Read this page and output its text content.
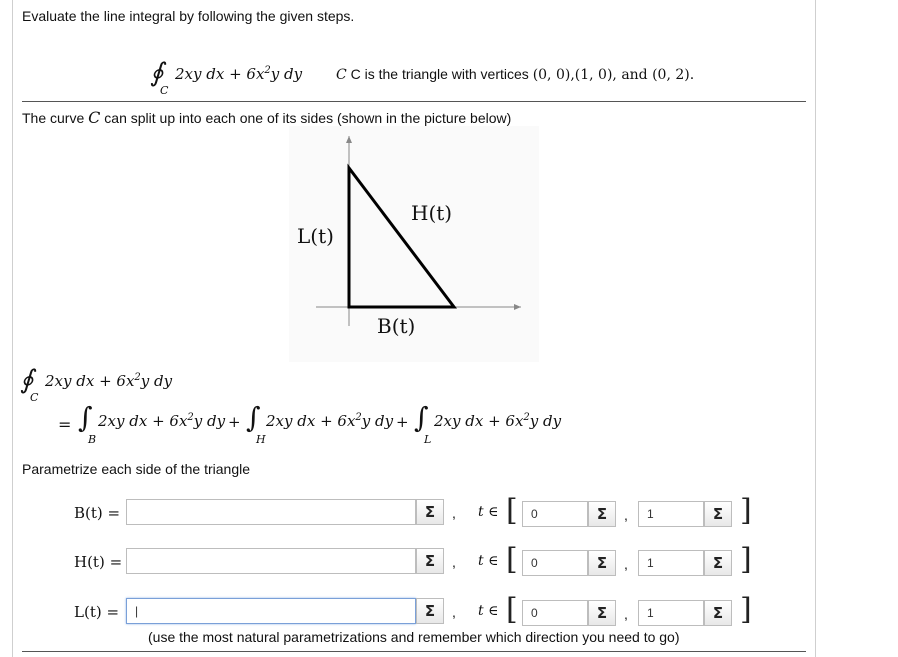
Evaluate the line integral by following the given steps.
∮
C
2xy dx + $6x^2y$ dy C C is the triangle with vertices (0, 0),(1, 0), and (0, 2).
The curve C can split up into each one of its sides (shown in the picture below)
H(t)
L(t)
B(t)
∮
C
2xy dx + $6x^2y$ dy
= ∫
B
2xy dx + $6x^2y$ dy + ∫
H
2xy dx + $6x^2y$ dy + ∫
L
2xy dx + $6x^2y$ dy
Parametrize each side of the triangle
B(t) =	Σ	, t ∈ [	0	Σ	,	1	Σ ]
H(t) =	Σ	, t ∈ [	0	Σ	,	1	Σ ]
L(t) =	|	Σ	, t ∈ [	0	Σ	,	1	Σ ]
(use the most natural parametrizations and remember which direction you need to go)
